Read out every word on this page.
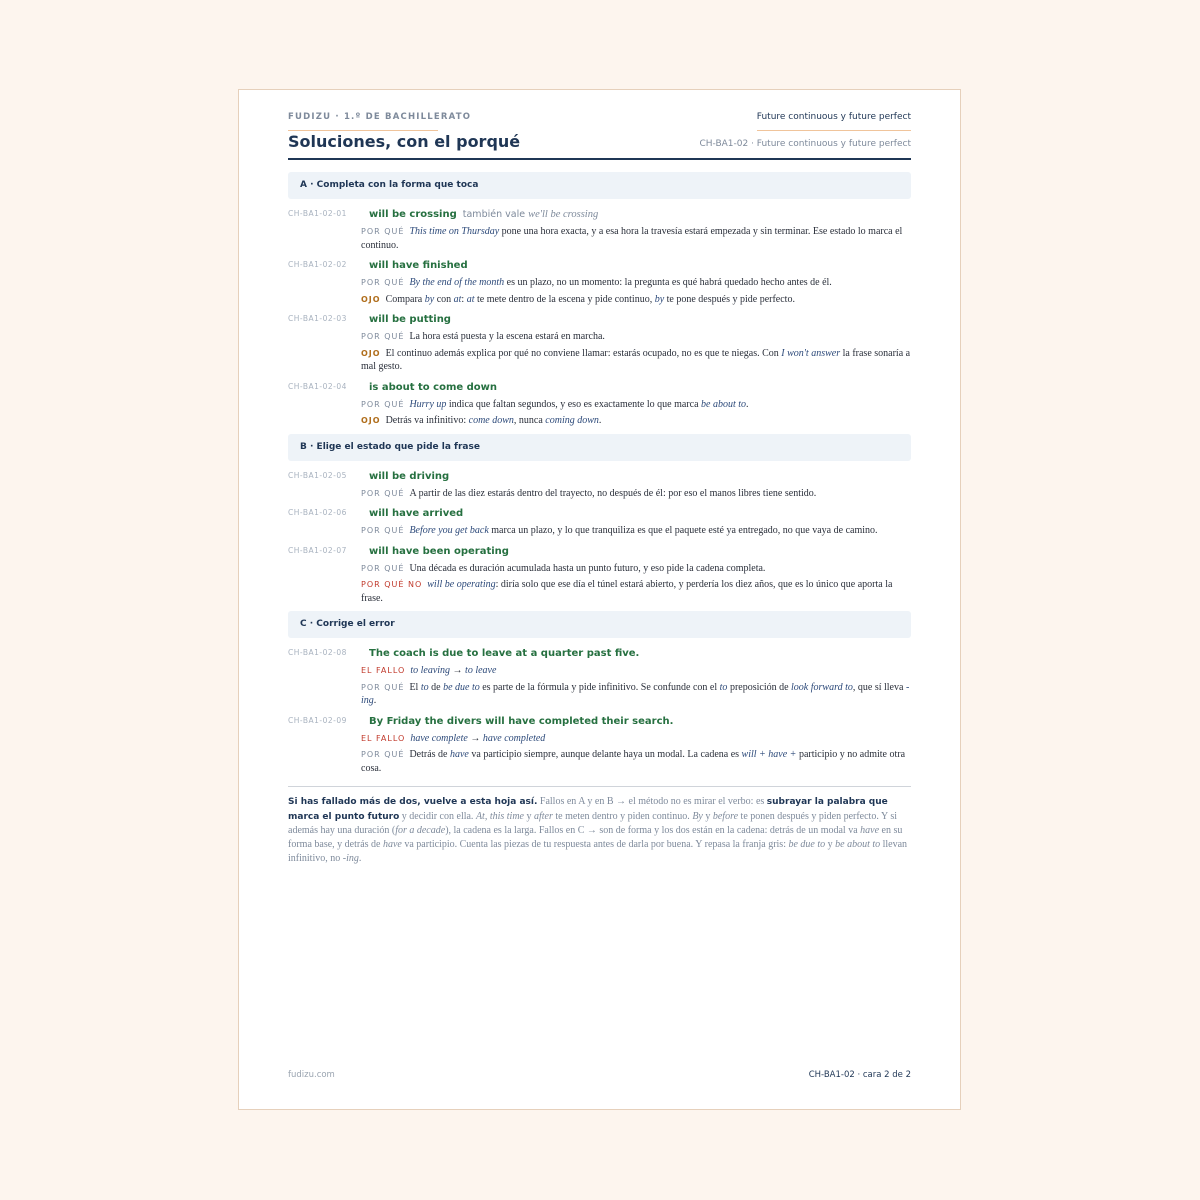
FUDIZU · 1.º DE BACHILLERATO	Future continuous y future perfect
Soluciones, con el porqué	CH-BA1-02 · Future continuous y future perfect
A · Completa con la forma que toca
CH-BA1-02-01	will be crossing también vale we'll be crossing
POR QUÉ This time on Thursday pone una hora exacta, y a esa hora la travesía estará empezada y sin terminar. Ese estado lo marca el continuo.
CH-BA1-02-02	will have finished
POR QUÉ By the end of the month es un plazo, no un momento: la pregunta es qué habrá quedado hecho antes de él.
OJO Compara by con at: at te mete dentro de la escena y pide continuo, by te pone después y pide perfecto.
CH-BA1-02-03	will be putting
POR QUÉ La hora está puesta y la escena estará en marcha.
OJO El continuo además explica por qué no conviene llamar: estarás ocupado, no es que te niegas. Con I won't answer la frase sonaría a mal gesto.
CH-BA1-02-04	is about to come down
POR QUÉ Hurry up indica que faltan segundos, y eso es exactamente lo que marca be about to.
OJO Detrás va infinitivo: come down, nunca coming down.
B · Elige el estado que pide la frase
CH-BA1-02-05	will be driving
POR QUÉ A partir de las diez estarás dentro del trayecto, no después de él: por eso el manos libres tiene sentido.
CH-BA1-02-06	will have arrived
POR QUÉ Before you get back marca un plazo, y lo que tranquiliza es que el paquete esté ya entregado, no que vaya de camino.
CH-BA1-02-07	will have been operating
POR QUÉ Una década es duración acumulada hasta un punto futuro, y eso pide la cadena completa.
POR QUÉ NO will be operating: diría solo que ese día el túnel estará abierto, y perdería los diez años, que es lo único que aporta la frase.
C · Corrige el error
CH-BA1-02-08	The coach is due to leave at a quarter past five.
EL FALLO to leaving → to leave
POR QUÉ El to de be due to es parte de la fórmula y pide infinitivo. Se confunde con el to preposición de look forward to, que sí lleva -ing.
CH-BA1-02-09	By Friday the divers will have completed their search.
EL FALLO have complete → have completed
POR QUÉ Detrás de have va participio siempre, aunque delante haya un modal. La cadena es will + have + participio y no admite otra cosa.
Si has fallado más de dos, vuelve a esta hoja así. Fallos en A y en B → el método no es mirar el verbo: es subrayar la palabra que marca el punto futuro y decidir con ella. At, this time y after te meten dentro y piden continuo. By y before te ponen después y piden perfecto. Y si además hay una duración (for a decade), la cadena es la larga. Fallos en C → son de forma y los dos están en la cadena: detrás de un modal va have en su forma base, y detrás de have va participio. Cuenta las piezas de tu respuesta antes de darla por buena. Y repasa la franja gris: be due to y be about to llevan infinitivo, no -ing.
fudizu.com	CH-BA1-02 · cara 2 de 2
